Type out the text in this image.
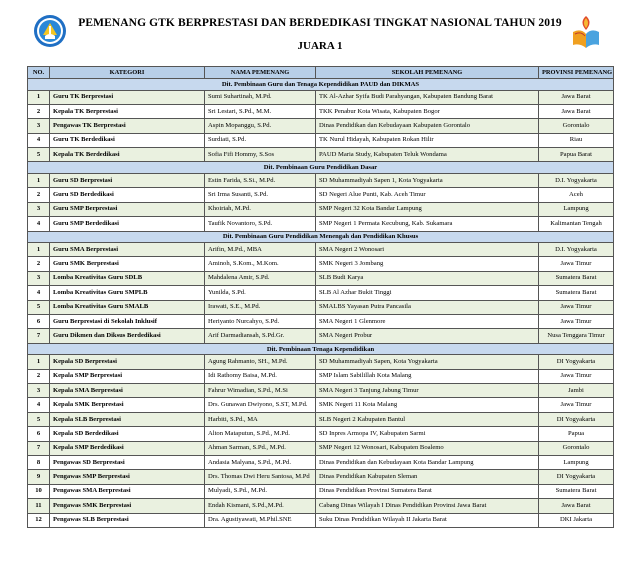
PEMENANG GTK BERPRESTASI DAN BERDEDIKASI TINGKAT NASIONAL TAHUN 2019
JUARA 1
NO.	KATEGORI	NAMA PEMENANG	SEKOLAH PEMENANG	PROVINSI PEMENANG
Dit. Pembinaan Guru dan Tenaga Kependidikan PAUD dan DIKMAS				
1	Guru TK Berprestasi	Sumi Suhartinah, M.Pd.	TK Al-Azhar Syifa Budi Parahyangan, Kabupaten Bandung Barat	Jawa Barat
2	Kepala TK Berprestasi	Sri Lestari, S.Pd., M.M.	TKK Penabur Kota Wisata, Kabupaten Bogor	Jawa Barat
3	Pengawas TK Berprestasi	Aspin Mopanggu, S.Pd.	Dinas Pendidikan dan Kebudayaan Kabupaten Gorontalo	Gorontalo
4	Guru TK Berdedikasi	Surdiati, S.Pd.	TK Nurul Hidayah, Kabupaten Rokan Hilir	Riau
5	Kepala TK Berdedikasi	Sofia Fifi Hommy, S.Sos	PAUD Maria Study, Kabupaten Teluk Wondama	Papua Barat
Dit. Pembinaan Guru Pendidikan Dasar				
1	Guru SD Berprestasi	Estin Farida, S.Si., M.Pd.	SD Muhammadiyah Sapen 1, Kota Yogyakarta	D.I. Yogyakarta
2	Guru SD Berdedikasi	Sri Irma Susanti, S.Pd.	SD Negeri Alue Punti, Kab. Aceh Timur	Aceh
3	Guru SMP Berprestasi	Khoiriah, M.Pd.	SMP Negeri 32 Kota Bandar Lampung	Lampung
4	Guru SMP Berdedikasi	Taufik Novantoro, S.Pd.	SMP Negeri 1 Permata Kecubung, Kab. Sukamara	Kalimantan Tengah
Dit. Pembinaan Guru Pendidikan Menengah dan Pendidikan Khusus				
1	Guru SMA Berprestasi	Arifin, M.Pd., MBA	SMA Negeri 2 Wonosari	D.I. Yogyakarta
2	Guru SMK Berprestasi	Aminoh, S.Kom., M.Kom.	SMK Negeri 3 Jombang	Jawa Timur
3	Lomba Kreativitas Guru SDLB	Mahdalena Amir, S.Pd.	SLB Budi Karya	Sumatera Barat
4	Lomba Kreativitas Guru SMPLB	Yunilda, S.Pd.	SLB Al Azhar Bukit Tinggi	Sumatera Barat
5	Lomba Kreativitas Guru SMALB	Irawati, S.E., M.Pd.	SMALBS Yayasan Putra Pancasila	Jawa Timur
6	Guru Berprestasi di Sekolah Inklusif	Heriyanto Nurcahyo, S.Pd.	SMA Negeri 1 Glenmore	Jawa Timur
7	Guru Dikmen dan Diksus Berdedikasi	Arif Darmadiansah, S.Pd.Gr.	SMA Negeri Probur	Nusa Tenggara Timur
Dit. Pembinaan Tenaga Kependidikan				
1	Kepala SD Berprestasi	Agung Rahmanto, SH., M.Pd.	SD Muhammadiyah Sapen, Kota Yogyakarta	DI Yogyakarta
2	Kepala SMP Berprestasi	Idi Rathomy Baisa, M.Pd.	SMP Islam Sabilillah Kota Malang	Jawa Timur
3	Kepala SMA Berprestasi	Fahrur Wimadian, S.Pd., M.Si	SMA Negeri 3 Tanjung Jabung Timur	Jambi
4	Kepala SMK Berprestasi	Drs. Gunawan Dwiyono, S.ST, M.Pd.	SMK Negeri 11 Kota Malang	Jawa Timur
5	Kepala SLB Berprestasi	Harbiti, S.Pd., MA	SLB Negeri 2 Kabupaten Bantul	DI Yogyakarta
6	Kepala SD Berdedikasi	Alton Mataputun, S.Pd., M.Pd.	SD Inpres Armopa IV, Kabupaten Sarmi	Papua
7	Kepala SMP Berdedikasi	Ahman Sarman, S.Pd., M.Pd.	SMP Negeri 12 Wonosari, Kabupaten Boalemo	Gorontalo
8	Pengawas SD Berprestasi	Andasia Malyana, S.Pd., M.Pd.	Dinas Pendidikan dan Kebudayaan Kota Bandar Lampung	Lampung
9	Pengawas SMP Berprestasi	Drs. Thomas Dwi Heru Santosa, M.Pd	Dinas Pendidikan Kabupaten Sleman	DI Yogyakarta
10	Pengawas SMA Berprestasi	Mulyadi, S.Pd., M.Pd.	Dinas Pendidikan Provinsi Sumatera Barat	Sumatera Barat
11	Pengawas SMK Berprestasi	Endah Kismani, S.Pd.,M.Pd.	Cabang Dinas Wilayah I Dinas Pendidikan Provinsi Jawa Barat	Jawa Barat
12	Pengawas SLB Berprestasi	Dra. Agustiyawati, M.Phil.SNE	Suku Dinas Pendidikan Wilayah II Jakarta Barat	DKI Jakarta
